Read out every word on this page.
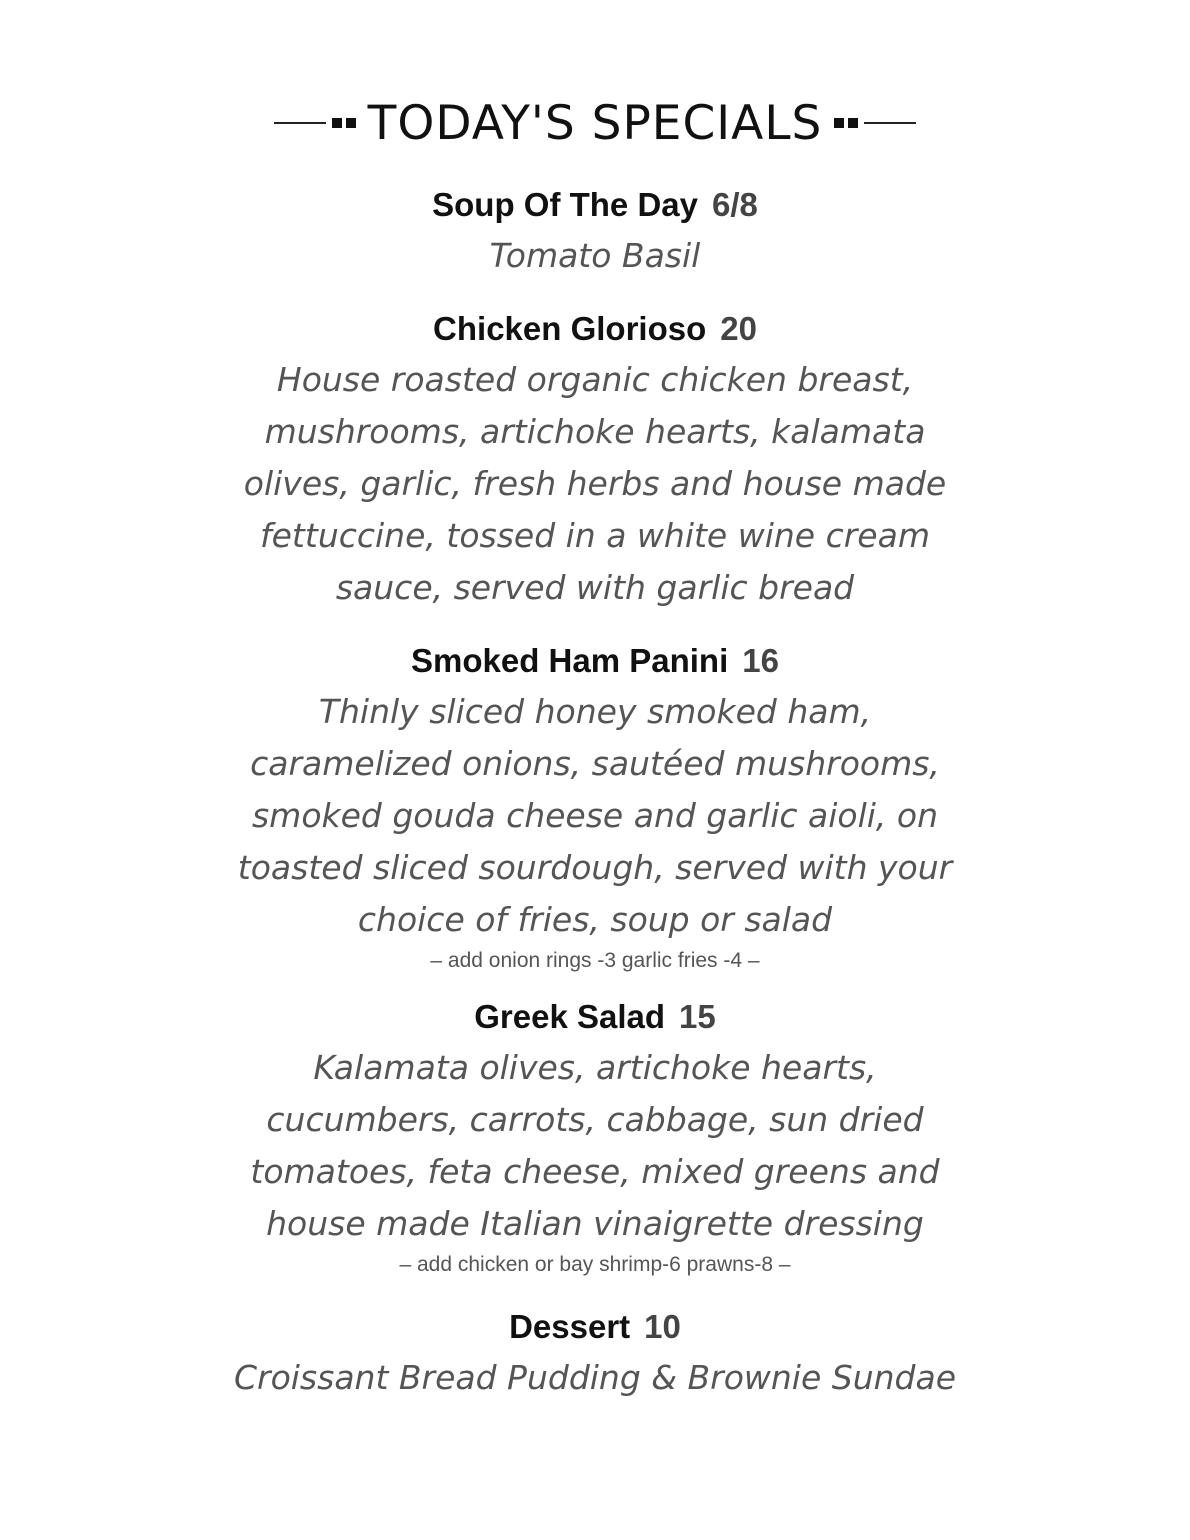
TODAY'S SPECIALS
Soup Of The Day 6/8
Tomato Basil
Chicken Glorioso 20
House roasted organic chicken breast,
mushrooms, artichoke hearts, kalamata
olives, garlic, fresh herbs and house made
fettuccine, tossed in a white wine cream
sauce, served with garlic bread
Smoked Ham Panini 16
Thinly sliced honey smoked ham,
caramelized onions, sautéed mushrooms,
smoked gouda cheese and garlic aioli, on
toasted sliced sourdough, served with your
choice of fries, soup or salad
– add onion rings -3 garlic fries -4 –
Greek Salad 15
Kalamata olives, artichoke hearts,
cucumbers, carrots, cabbage, sun dried
tomatoes, feta cheese, mixed greens and
house made Italian vinaigrette dressing
– add chicken or bay shrimp-6 prawns-8 –
Dessert 10
Croissant Bread Pudding & Brownie Sundae
